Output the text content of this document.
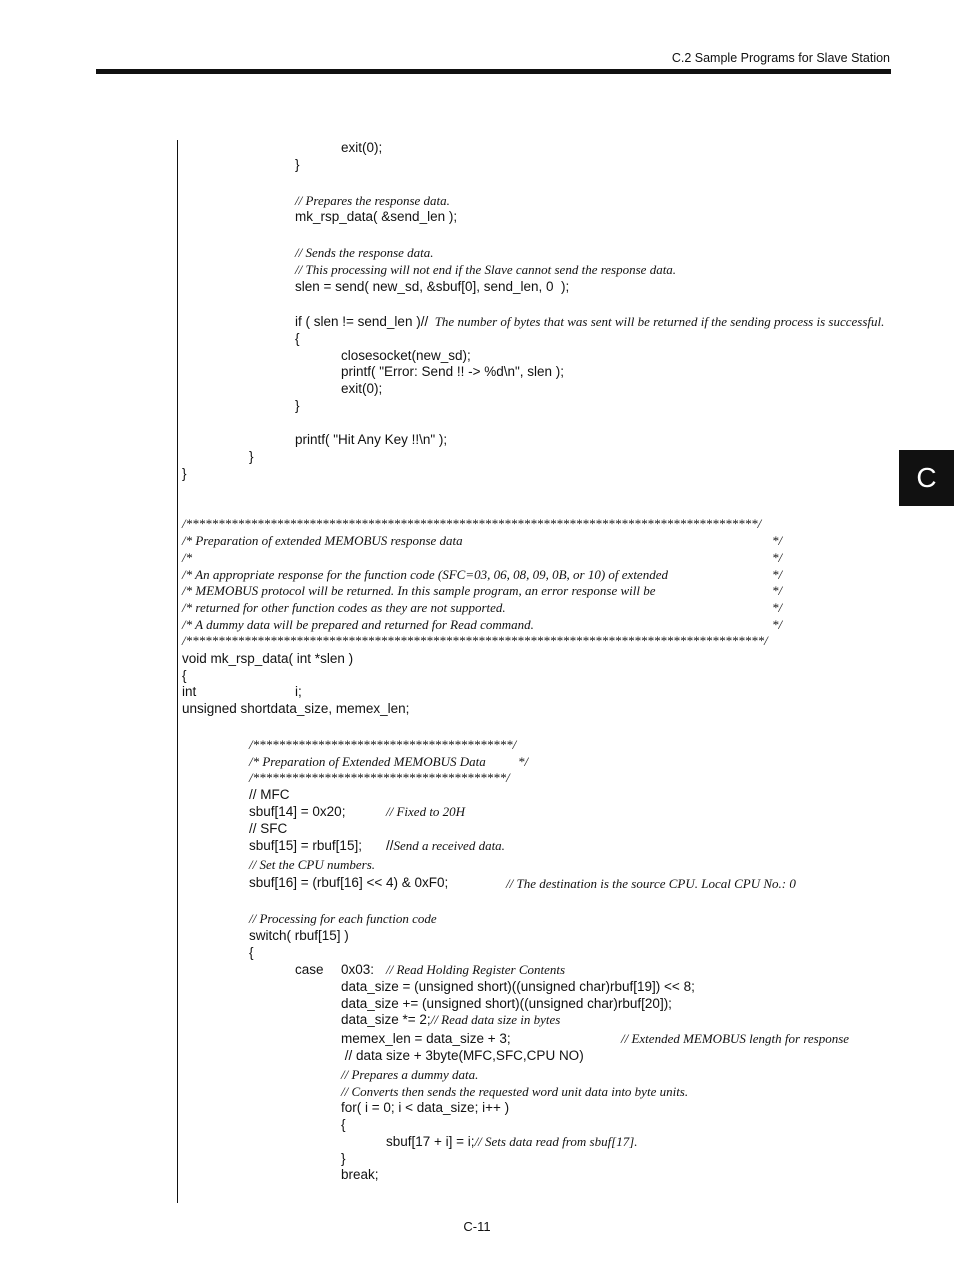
C.2 Sample Programs for Slave Station
C
exit(0);
}
// Prepares the response data.
mk_rsp_data( &send_len );
// Sends the response data.
// This processing will not end if the Slave cannot send the response data.
slen = send( new_sd, &sbuf[0], send_len, 0  );
if ( slen != send_len )//  The number of bytes that was sent will be returned if the sending process is successful.
{
closesocket(new_sd);
printf( "Error: Send !! -> %d\n", slen );
exit(0);
}
printf( "Hit Any Key !!\n" );
}
}
/****************************************************************************************/
/* Preparation of extended MEMOBUS response data	*/
/*	*/
/* An appropriate response for the function code (SFC=03, 06, 08, 09, 0B, or 10) of extended	*/
/* MEMOBUS protocol will be returned. In this sample program, an error response will be	*/
/* returned for other function codes as they are not supported.	*/
/* A dummy data will be prepared and returned for Read command.	*/
/*****************************************************************************************/
void mk_rsp_data( int *slen )
{
int	i;
unsigned shortdata_size, memex_len;
/****************************************/
/* Preparation of Extended MEMOBUS Data */
/***************************************/
// MFC
sbuf[14] = 0x20;	// Fixed to 20H
// SFC
sbuf[15] = rbuf[15]; //Send a received data.
// Set the CPU numbers.
sbuf[16] = (rbuf[16] << 4) & 0xF0;	// The destination is the source CPU. Local CPU No.: 0
// Processing for each function code
switch( rbuf[15] )
{
case 0x03: // Read Holding Register Contents
data_size = (unsigned short)((unsigned char)rbuf[19]) << 8;
data_size += (unsigned short)((unsigned char)rbuf[20]);
data_size *= 2;// Read data size in bytes
memex_len = data_size + 3;	// Extended MEMOBUS length for response
// data size + 3byte(MFC,SFC,CPU NO)
// Prepares a dummy data.
// Converts then sends the requested word unit data into byte units.
for( i = 0; i < data_size; i++ )
{
sbuf[17 + i] = i;// Sets data read from sbuf[17].
}
break;
C-11
